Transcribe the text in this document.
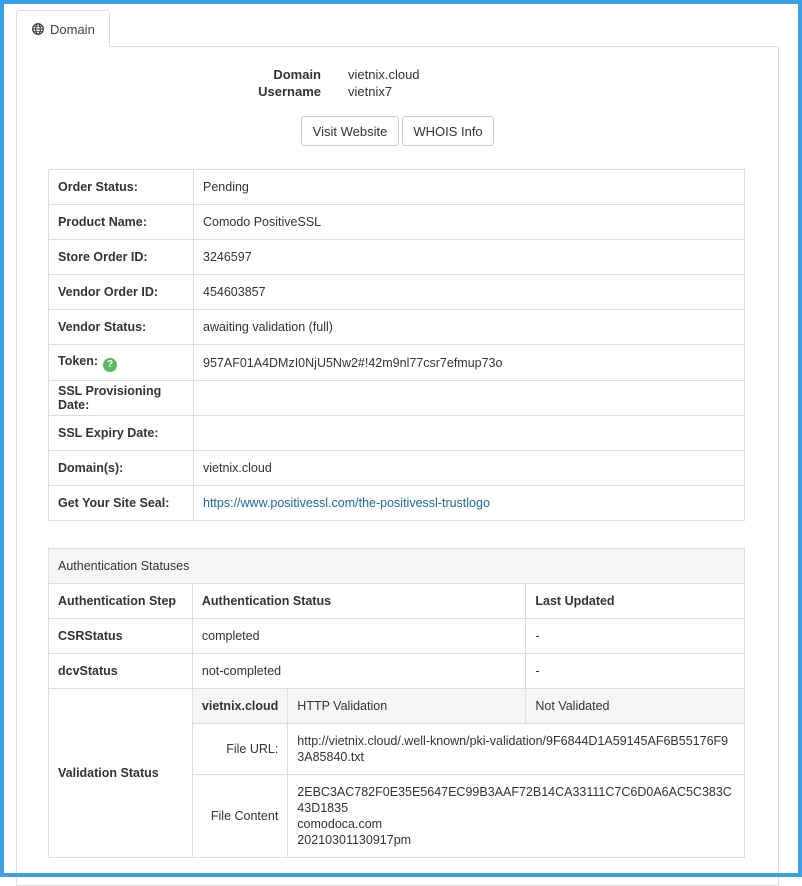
Domain
Domain	vietnix.cloud
Username	vietnix7
Visit Website	WHOIS Info
Order Status:	Pending
Product Name:	Comodo PositiveSSL
Store Order ID:	3246597
Vendor Order ID:	454603857
Vendor Status:	awaiting validation (full)
Token: ?	957AF01A4DMzI0NjU5Nw2#!42m9nl77csr7efmup73o
SSL Provisioning Date:	
SSL Expiry Date:	
Domain(s):	vietnix.cloud
Get Your Site Seal:	https://www.positivessl.com/the-positivessl-trustlogo
Authentication Statuses			
Authentication Step	Authentication Status		Last Updated
CSRStatus	completed		-
dcvStatus	not-completed		-
Validation Status	vietnix.cloud	HTTP Validation	Not Validated
	File URL:	http://vietnix.cloud/.well-known/pki-validation/9F6844D1A59145AF6B55176F93A85840.txt	
	File Content	2EBC3AC782F0E35E5647EC99B3AAF72B14CA33111C7C6D0A6AC5C383C43D1835
comodoca.com
20210301130917pm	
